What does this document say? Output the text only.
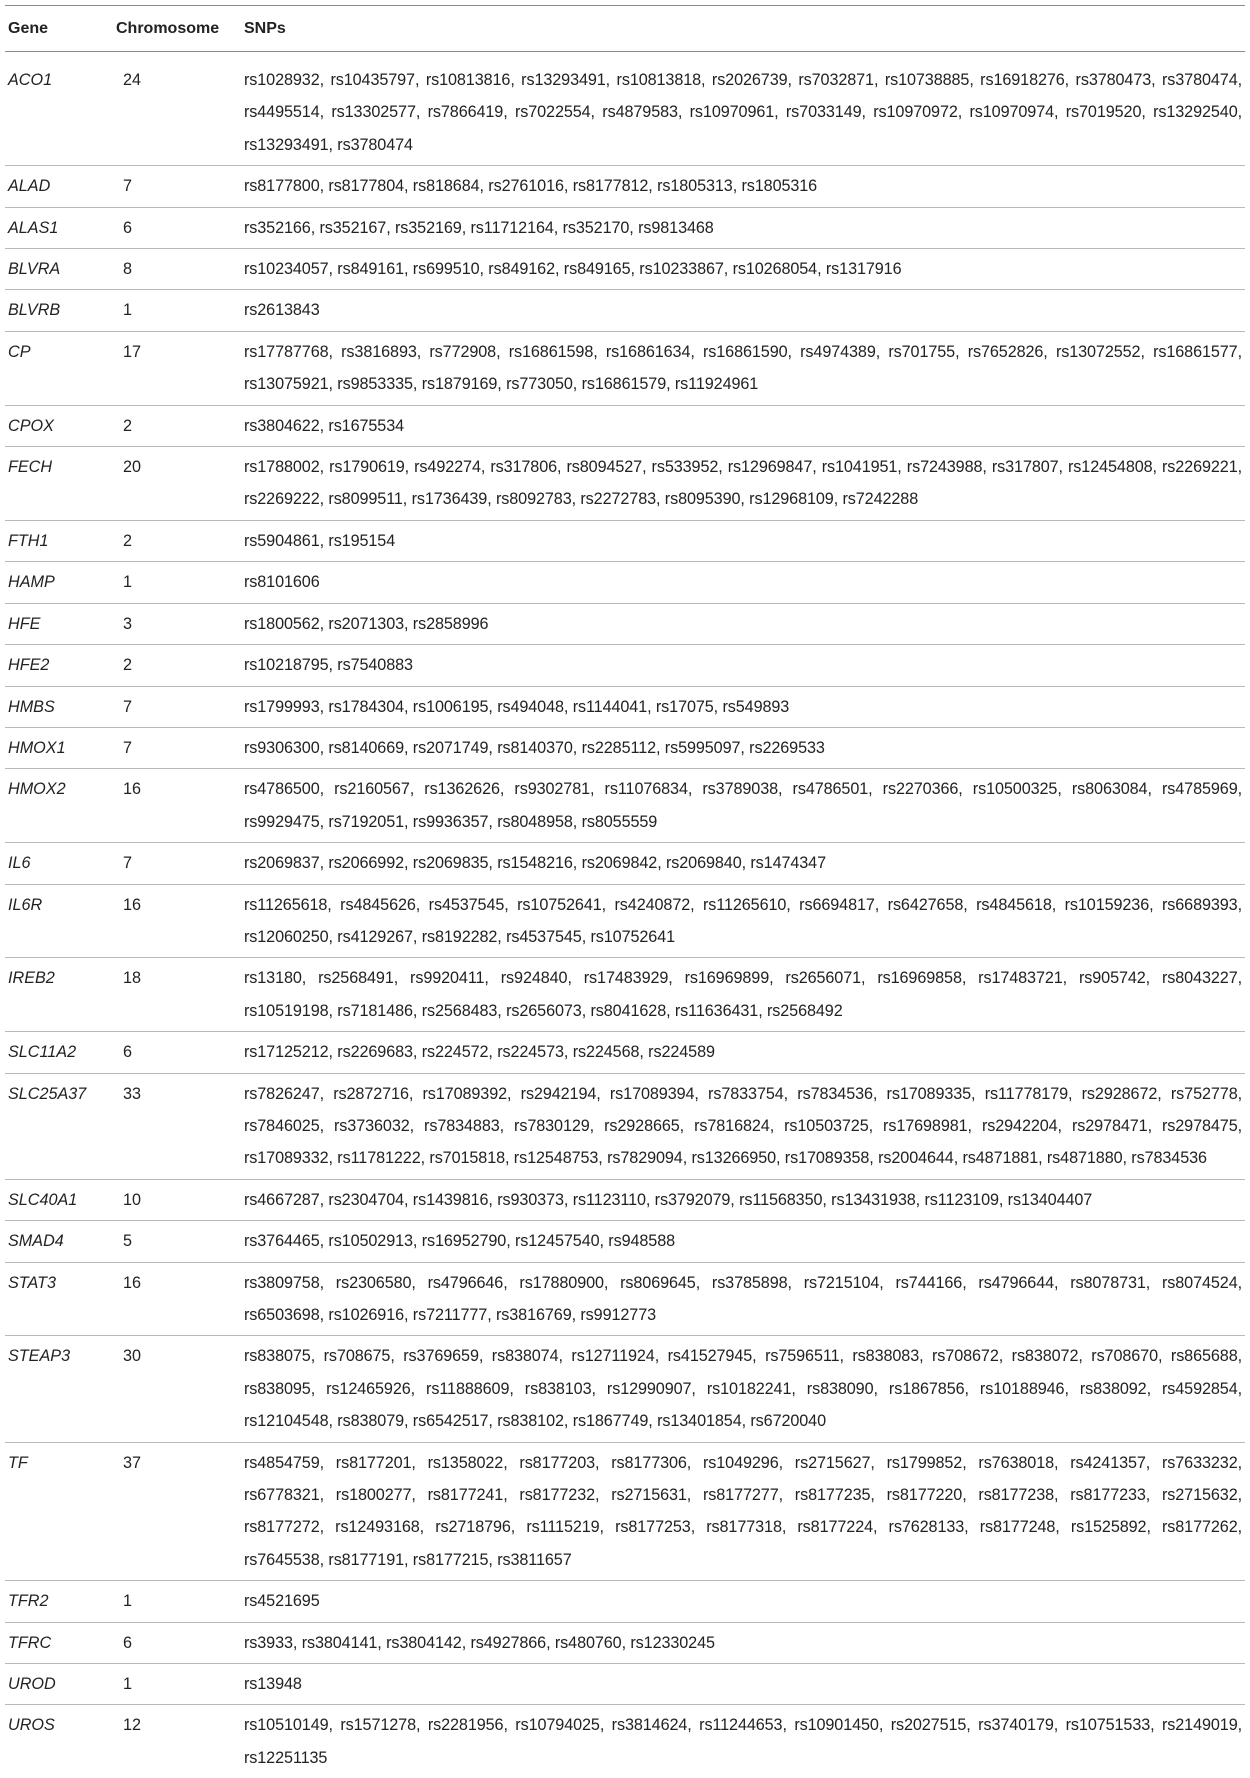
Gene	Chromosome	SNPs
ACO1	24	rs1028932, rs10435797, rs10813816, rs13293491, rs10813818, rs2026739, rs7032871, rs10738885, rs16918276, rs3780473, rs3780474, rs4495514, rs13302577, rs7866419, rs7022554, rs4879583, rs10970961, rs7033149, rs10970972, rs10970974, rs7019520, rs13292540, rs13293491, rs3780474
ALAD	7	rs8177800, rs8177804, rs818684, rs2761016, rs8177812, rs1805313, rs1805316
ALAS1	6	rs352166, rs352167, rs352169, rs11712164, rs352170, rs9813468
BLVRA	8	rs10234057, rs849161, rs699510, rs849162, rs849165, rs10233867, rs10268054, rs1317916
BLVRB	1	rs2613843
CP	17	rs17787768, rs3816893, rs772908, rs16861598, rs16861634, rs16861590, rs4974389, rs701755, rs7652826, rs13072552, rs16861577, rs13075921, rs9853335, rs1879169, rs773050, rs16861579, rs11924961
CPOX	2	rs3804622, rs1675534
FECH	20	rs1788002, rs1790619, rs492274, rs317806, rs8094527, rs533952, rs12969847, rs1041951, rs7243988, rs317807, rs12454808, rs2269221, rs2269222, rs8099511, rs1736439, rs8092783, rs2272783, rs8095390, rs12968109, rs7242288
FTH1	2	rs5904861, rs195154
HAMP	1	rs8101606
HFE	3	rs1800562, rs2071303, rs2858996
HFE2	2	rs10218795, rs7540883
HMBS	7	rs1799993, rs1784304, rs1006195, rs494048, rs1144041, rs17075, rs549893
HMOX1	7	rs9306300, rs8140669, rs2071749, rs8140370, rs2285112, rs5995097, rs2269533
HMOX2	16	rs4786500, rs2160567, rs1362626, rs9302781, rs11076834, rs3789038, rs4786501, rs2270366, rs10500325, rs8063084, rs4785969, rs9929475, rs7192051, rs9936357, rs8048958, rs8055559
IL6	7	rs2069837, rs2066992, rs2069835, rs1548216, rs2069842, rs2069840, rs1474347
IL6R	16	rs11265618, rs4845626, rs4537545, rs10752641, rs4240872, rs11265610, rs6694817, rs6427658, rs4845618, rs10159236, rs6689393, rs12060250, rs4129267, rs8192282, rs4537545, rs10752641
IREB2	18	rs13180, rs2568491, rs9920411, rs924840, rs17483929, rs16969899, rs2656071, rs16969858, rs17483721, rs905742, rs8043227, rs10519198, rs7181486, rs2568483, rs2656073, rs8041628, rs11636431, rs2568492
SLC11A2	6	rs17125212, rs2269683, rs224572, rs224573, rs224568, rs224589
SLC25A37	33	rs7826247, rs2872716, rs17089392, rs2942194, rs17089394, rs7833754, rs7834536, rs17089335, rs11778179, rs2928672, rs752778, rs7846025, rs3736032, rs7834883, rs7830129, rs2928665, rs7816824, rs10503725, rs17698981, rs2942204, rs2978471, rs2978475, rs17089332, rs11781222, rs7015818, rs12548753, rs7829094, rs13266950, rs17089358, rs2004644, rs4871881, rs4871880, rs7834536
SLC40A1	10	rs4667287, rs2304704, rs1439816, rs930373, rs1123110, rs3792079, rs11568350, rs13431938, rs1123109, rs13404407
SMAD4	5	rs3764465, rs10502913, rs16952790, rs12457540, rs948588
STAT3	16	rs3809758, rs2306580, rs4796646, rs17880900, rs8069645, rs3785898, rs7215104, rs744166, rs4796644, rs8078731, rs8074524, rs6503698, rs1026916, rs7211777, rs3816769, rs9912773
STEAP3	30	rs838075, rs708675, rs3769659, rs838074, rs12711924, rs41527945, rs7596511, rs838083, rs708672, rs838072, rs708670, rs865688, rs838095, rs12465926, rs11888609, rs838103, rs12990907, rs10182241, rs838090, rs1867856, rs10188946, rs838092, rs4592854, rs12104548, rs838079, rs6542517, rs838102, rs1867749, rs13401854, rs6720040
TF	37	rs4854759, rs8177201, rs1358022, rs8177203, rs8177306, rs1049296, rs2715627, rs1799852, rs7638018, rs4241357, rs7633232, rs6778321, rs1800277, rs8177241, rs8177232, rs2715631, rs8177277, rs8177235, rs8177220, rs8177238, rs8177233, rs2715632, rs8177272, rs12493168, rs2718796, rs1115219, rs8177253, rs8177318, rs8177224, rs7628133, rs8177248, rs1525892, rs8177262, rs7645538, rs8177191, rs8177215, rs3811657
TFR2	1	rs4521695
TFRC	6	rs3933, rs3804141, rs3804142, rs4927866, rs480760, rs12330245
UROD	1	rs13948
UROS	12	rs10510149, rs1571278, rs2281956, rs10794025, rs3814624, rs11244653, rs10901450, rs2027515, rs3740179, rs10751533, rs2149019, rs12251135
